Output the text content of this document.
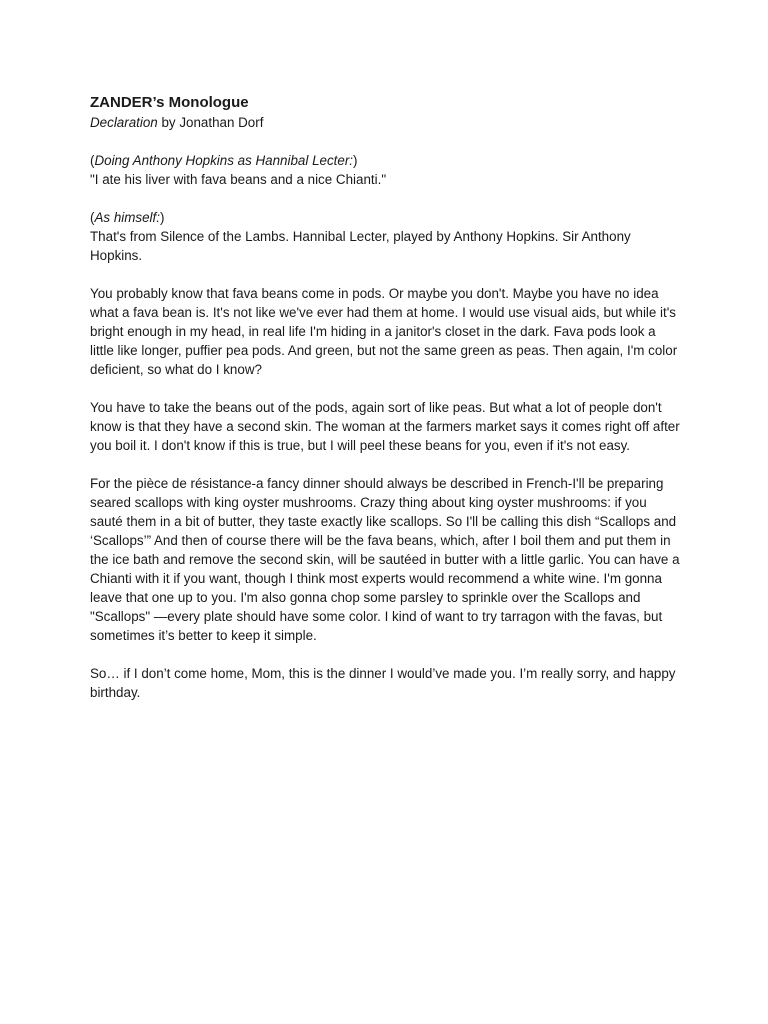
ZANDER’s Monologue

Declaration by Jonathan Dorf

(Doing Anthony Hopkins as Hannibal Lecter:)

"I ate his liver with fava beans and a nice Chianti."

(As himself:)

That's from Silence of the Lambs. Hannibal Lecter, played by Anthony Hopkins. Sir Anthony Hopkins.

You probably know that fava beans come in pods. Or maybe you don't. Maybe you have no idea what a fava bean is. It's not like we've ever had them at home. I would use visual aids, but while it's bright enough in my head, in real life I'm hiding in a janitor's closet in the dark. Fava pods look a little like longer, puffier pea pods. And green, but not the same green as peas. Then again, I'm color deficient, so what do I know?

You have to take the beans out of the pods, again sort of like peas. But what a lot of people don't know is that they have a second skin. The woman at the farmers market says it comes right off after you boil it. I don't know if this is true, but I will peel these beans for you, even if it's not easy.

For the pièce de résistance-a fancy dinner should always be described in French-I'll be preparing seared scallops with king oyster mushrooms. Crazy thing about king oyster mushrooms: if you sauté them in a bit of butter, they taste exactly like scallops. So I'll be calling this dish “Scallops and ‘Scallops’” And then of course there will be the fava beans, which, after I boil them and put them in the ice bath and remove the second skin, will be sautéed in butter with a little garlic. You can have a Chianti with it if you want, though I think most experts would recommend a white wine. I'm gonna leave that one up to you. I'm also gonna chop some parsley to sprinkle over the Scallops and "Scallops" —every plate should have some color. I kind of want to try tarragon with the favas, but sometimes it’s better to keep it simple.

So… if I don’t come home, Mom, this is the dinner I would’ve made you. I’m really sorry, and happy birthday.
